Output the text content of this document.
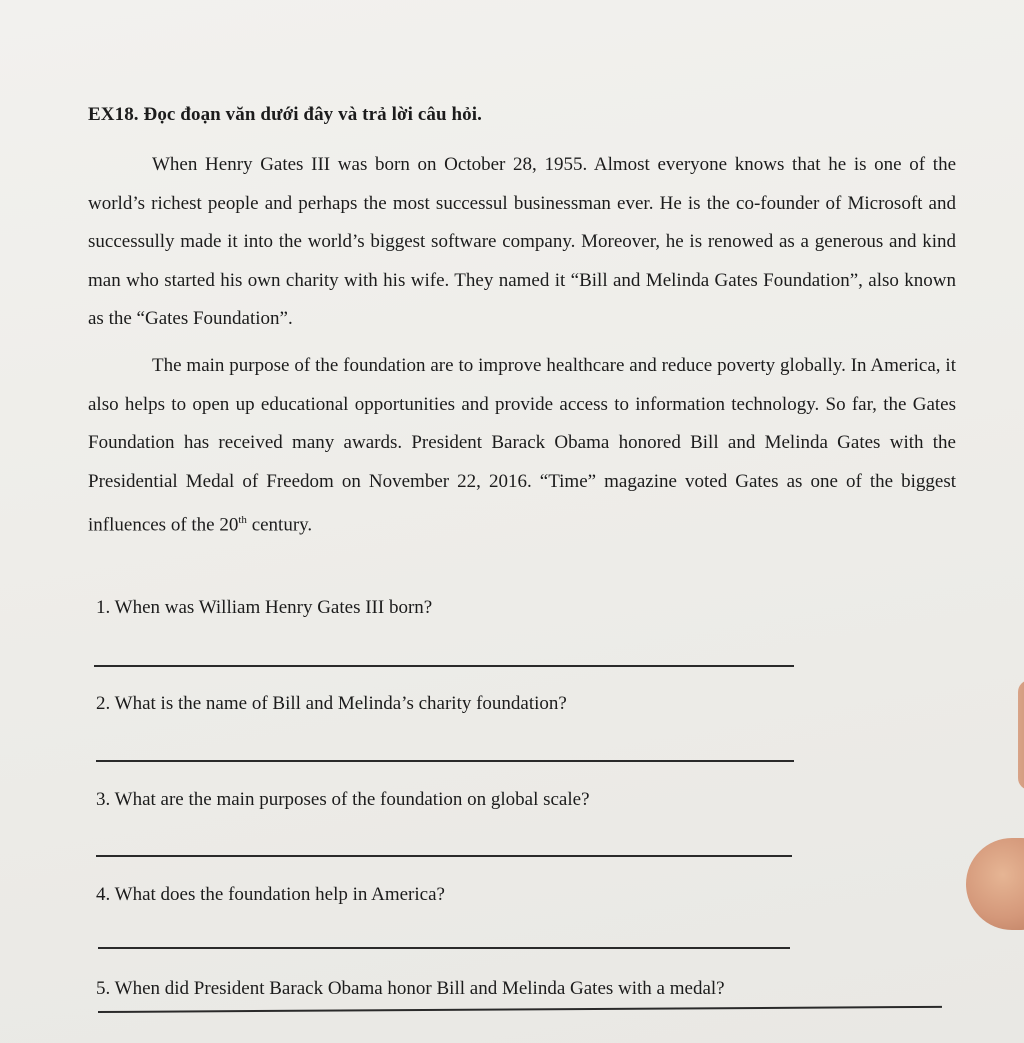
EX18. Đọc đoạn văn dưới đây và trả lời câu hỏi.
When Henry Gates III was born on October 28, 1955. Almost everyone knows that he is one of the world’s richest people and perhaps the most successul businessman ever. He is the co-founder of Microsoft and successully made it into the world’s biggest software company. Moreover, he is renowed as a generous and kind man who started his own charity with his wife. They named it “Bill and Melinda Gates Foundation”, also known as the “Gates Foundation”.
The main purpose of the foundation are to improve healthcare and reduce poverty globally. In America, it also helps to open up educational opportunities and provide access to information technology. So far, the Gates Foundation has received many awards. President Barack Obama honored Bill and Melinda Gates with the Presidential Medal of Freedom on November 22, 2016. “Time” magazine voted Gates as one of the biggest influences of the 20th century.
1. When was William Henry Gates III born?
2. What is the name of Bill and Melinda’s charity foundation?
3. What are the main purposes of the foundation on global scale?
4. What does the foundation help in America?
5. When did President Barack Obama honor Bill and Melinda Gates with a medal?
